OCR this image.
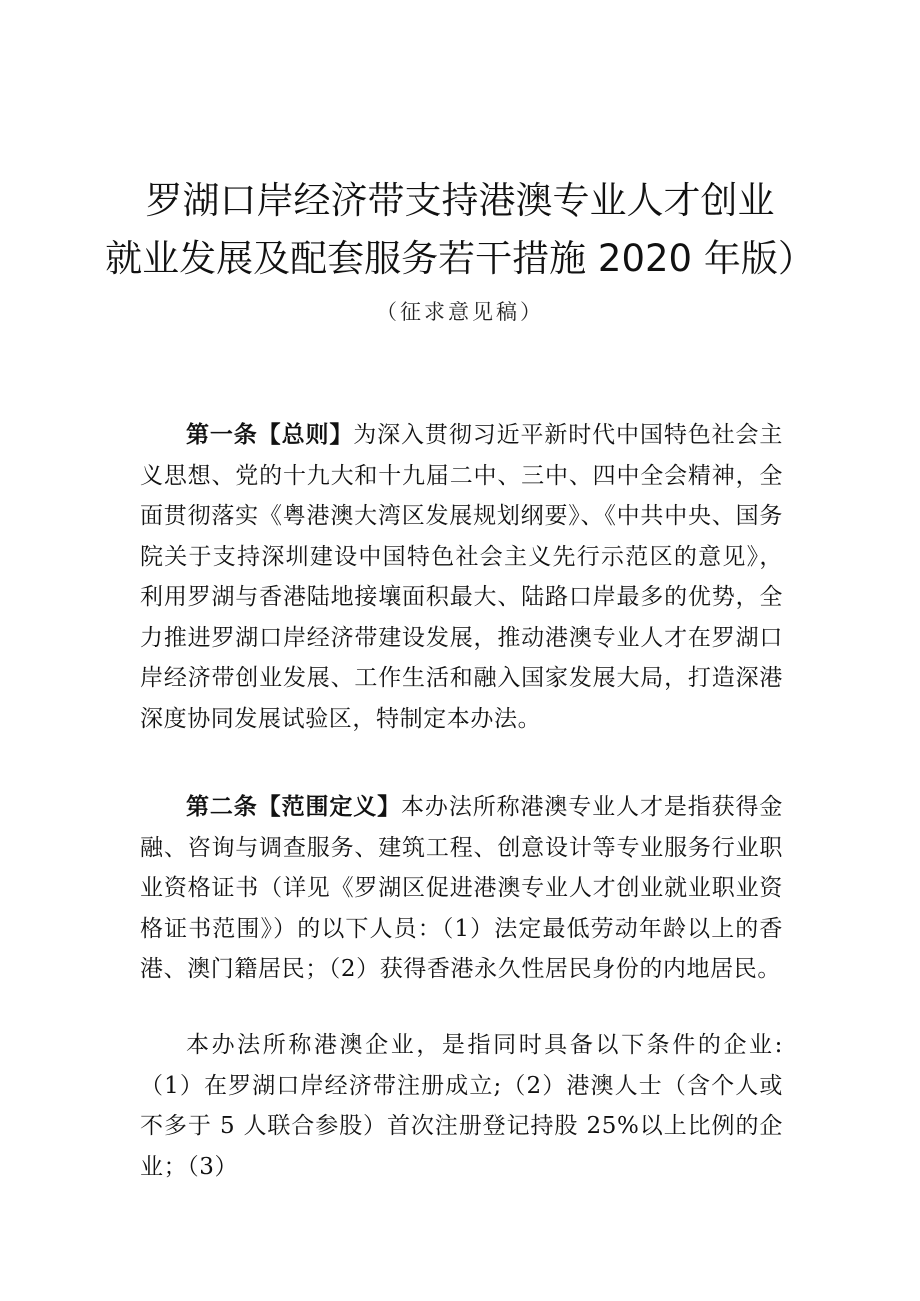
罗湖口岸经济带支持港澳专业人才创业
就业发展及配套服务若干措施 2020 年版）
（征求意见稿）

第一条【总则】为深入贯彻习近平新时代中国特色社会主义思想、党的十九大和十九届二中、三中、四中全会精神，全面贯彻落实《粤港澳大湾区发展规划纲要》、《中共中央、国务院关于支持深圳建设中国特色社会主义先行示范区的意见》，利用罗湖与香港陆地接壤面积最大、陆路口岸最多的优势，全力推进罗湖口岸经济带建设发展，推动港澳专业人才在罗湖口岸经济带创业发展、工作生活和融入国家发展大局，打造深港深度协同发展试验区，特制定本办法。

第二条【范围定义】本办法所称港澳专业人才是指获得金融、咨询与调查服务、建筑工程、创意设计等专业服务行业职业资格证书（详见《罗湖区促进港澳专业人才创业就业职业资格证书范围》）的以下人员：（1）法定最低劳动年龄以上的香港、澳门籍居民；（2）获得香港永久性居民身份的内地居民。

本办法所称港澳企业，是指同时具备以下条件的企业:（1）在罗湖口岸经济带注册成立;（2）港澳人士（含个人或不多于 5 人联合参股）首次注册登记持股 25%以上比例的企业；（3）
